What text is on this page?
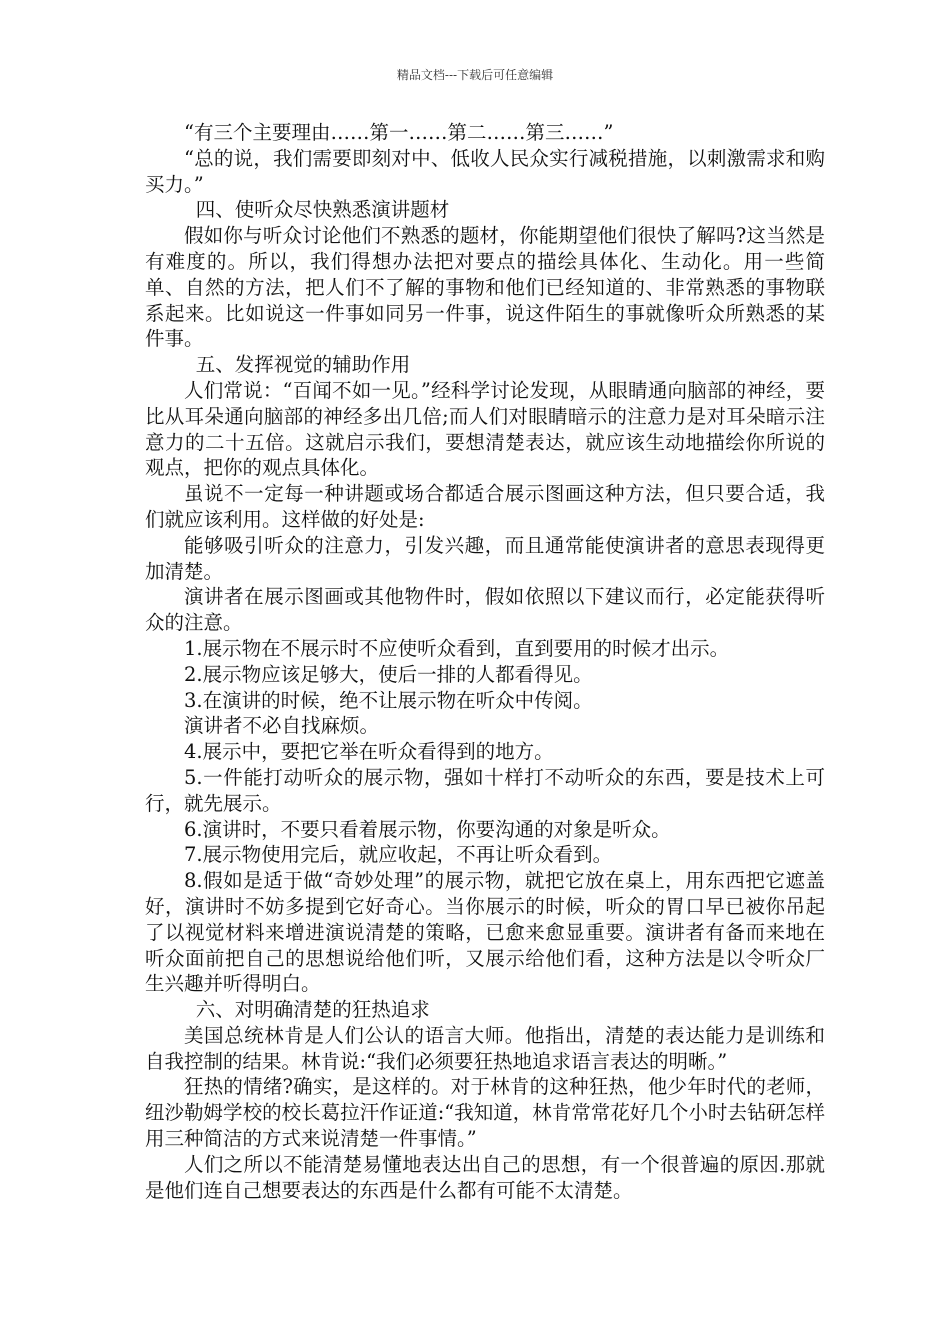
精品文档---下载后可任意编辑

“有三个主要理由……第一……第二……第三……”

“总的说，我们需要即刻对中、低收人民众实行减税措施，以刺激需求和购买力。”

四、使听众尽快熟悉演讲题材

假如你与听众讨论他们不熟悉的题材，你能期望他们很快了解吗?这当然是有难度的。所以，我们得想办法把对要点的描绘具体化、生动化。用一些简单、自然的方法，把人们不了解的事物和他们已经知道的、非常熟悉的事物联系起来。比如说这一件事如同另一件事，说这件陌生的事就像听众所熟悉的某件事。

五、发挥视觉的辅助作用

人们常说：“百闻不如一见。”经科学讨论发现，从眼睛通向脑部的神经，要比从耳朵通向脑部的神经多出几倍;而人们对眼睛暗示的注意力是对耳朵暗示注意力的二十五倍。这就启示我们，要想清楚表达，就应该生动地描绘你所说的观点，把你的观点具体化。

虽说不一定每一种讲题或场合都适合展示图画这种方法，但只要合适，我们就应该利用。这样做的好处是:

能够吸引听众的注意力，引发兴趣，而且通常能使演讲者的意思表现得更加清楚。

演讲者在展示图画或其他物件时，假如依照以下建议而行，必定能获得听众的注意。

1.展示物在不展示时不应使听众看到，直到要用的时候才出示。

2.展示物应该足够大，使后一排的人都看得见。

3.在演讲的时候，绝不让展示物在听众中传阅。

演讲者不必自找麻烦。

4.展示中，要把它举在听众看得到的地方。

5.一件能打动听众的展示物，强如十样打不动听众的东西，要是技术上可行，就先展示。

6.演讲时，不要只看着展示物，你要沟通的对象是听众。

7.展示物使用完后，就应收起，不再让听众看到。

8.假如是适于做“奇妙处理”的展示物，就把它放在桌上，用东西把它遮盖好，演讲时不妨多提到它好奇心。当你展示的时候，听众的胃口早已被你吊起了以视觉材料来增进演说清楚的策略，已愈来愈显重要。演讲者有备而来地在听众面前把自己的思想说给他们听，又展示给他们看，这种方法是以令听众厂生兴趣并听得明白。

六、对明确清楚的狂热追求

美国总统林肯是人们公认的语言大师。他指出，清楚的表达能力是训练和自我控制的结果。林肯说:“我们必须要狂热地追求语言表达的明晰。”

狂热的情绪?确实，是这样的。对于林肯的这种狂热，他少年时代的老师，纽沙勒姆学校的校长葛拉汗作证道:“我知道，林肯常常花好几个小时去钻研怎样用三种简洁的方式来说清楚一件事情。”

人们之所以不能清楚易懂地表达出自己的思想，有一个很普遍的原因.那就是他们连自己想要表达的东西是什么都有可能不太清楚。
